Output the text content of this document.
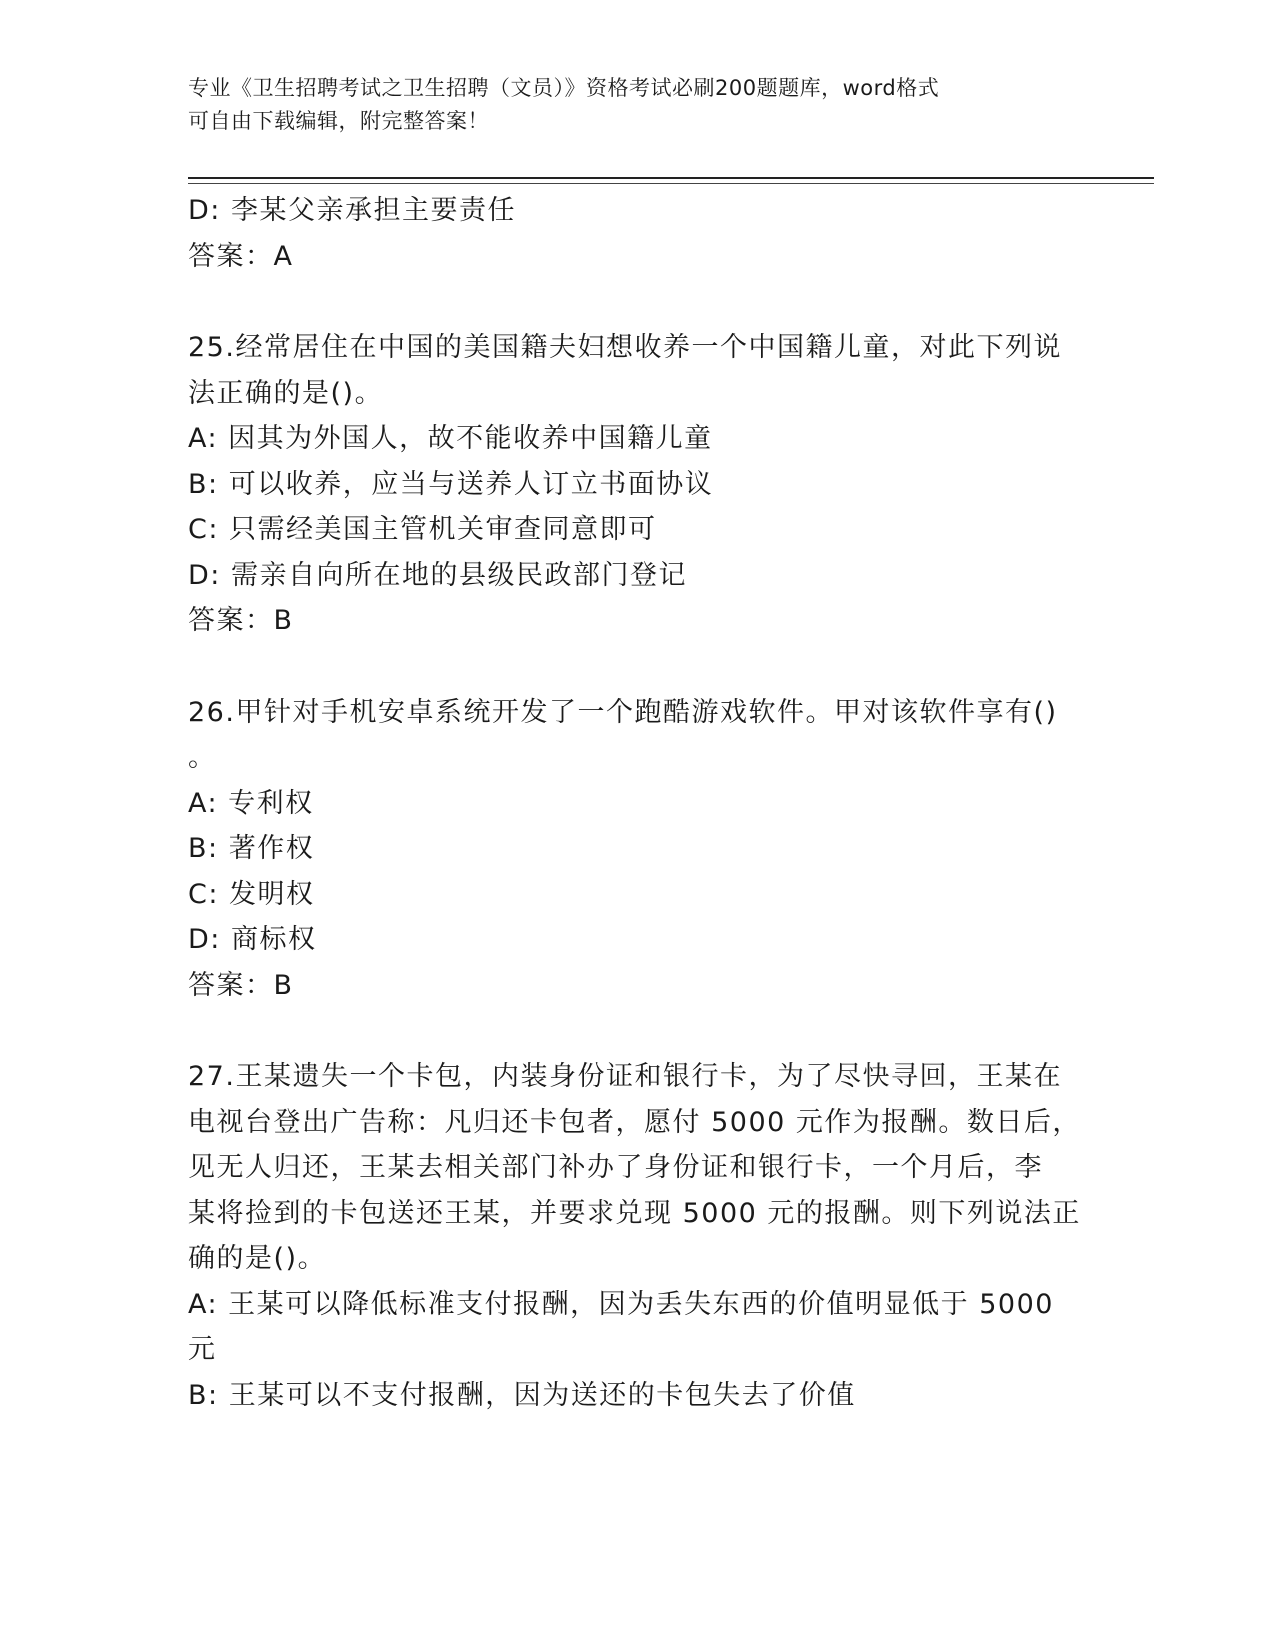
专业《卫生招聘考试之卫生招聘（文员）》资格考试必刷200题题库，word格式
可自由下载编辑，附完整答案！
D: 李某父亲承担主要责任
答案：A
25.经常居住在中国的美国籍夫妇想收养一个中国籍儿童，对此下列说
法正确的是()。
A: 因其为外国人，故不能收养中国籍儿童
B: 可以收养，应当与送养人订立书面协议
C: 只需经美国主管机关审查同意即可
D: 需亲自向所在地的县级民政部门登记
答案：B
26.甲针对手机安卓系统开发了一个跑酷游戏软件。甲对该软件享有()
。
A: 专利权
B: 著作权
C: 发明权
D: 商标权
答案：B
27.王某遗失一个卡包，内装身份证和银行卡，为了尽快寻回，王某在
电视台登出广告称：凡归还卡包者，愿付 5000 元作为报酬。数日后，
见无人归还，王某去相关部门补办了身份证和银行卡，一个月后，李
某将捡到的卡包送还王某，并要求兑现 5000 元的报酬。则下列说法正
确的是()。
A: 王某可以降低标准支付报酬，因为丢失东西的价值明显低于 5000
元
B: 王某可以不支付报酬，因为送还的卡包失去了价值
